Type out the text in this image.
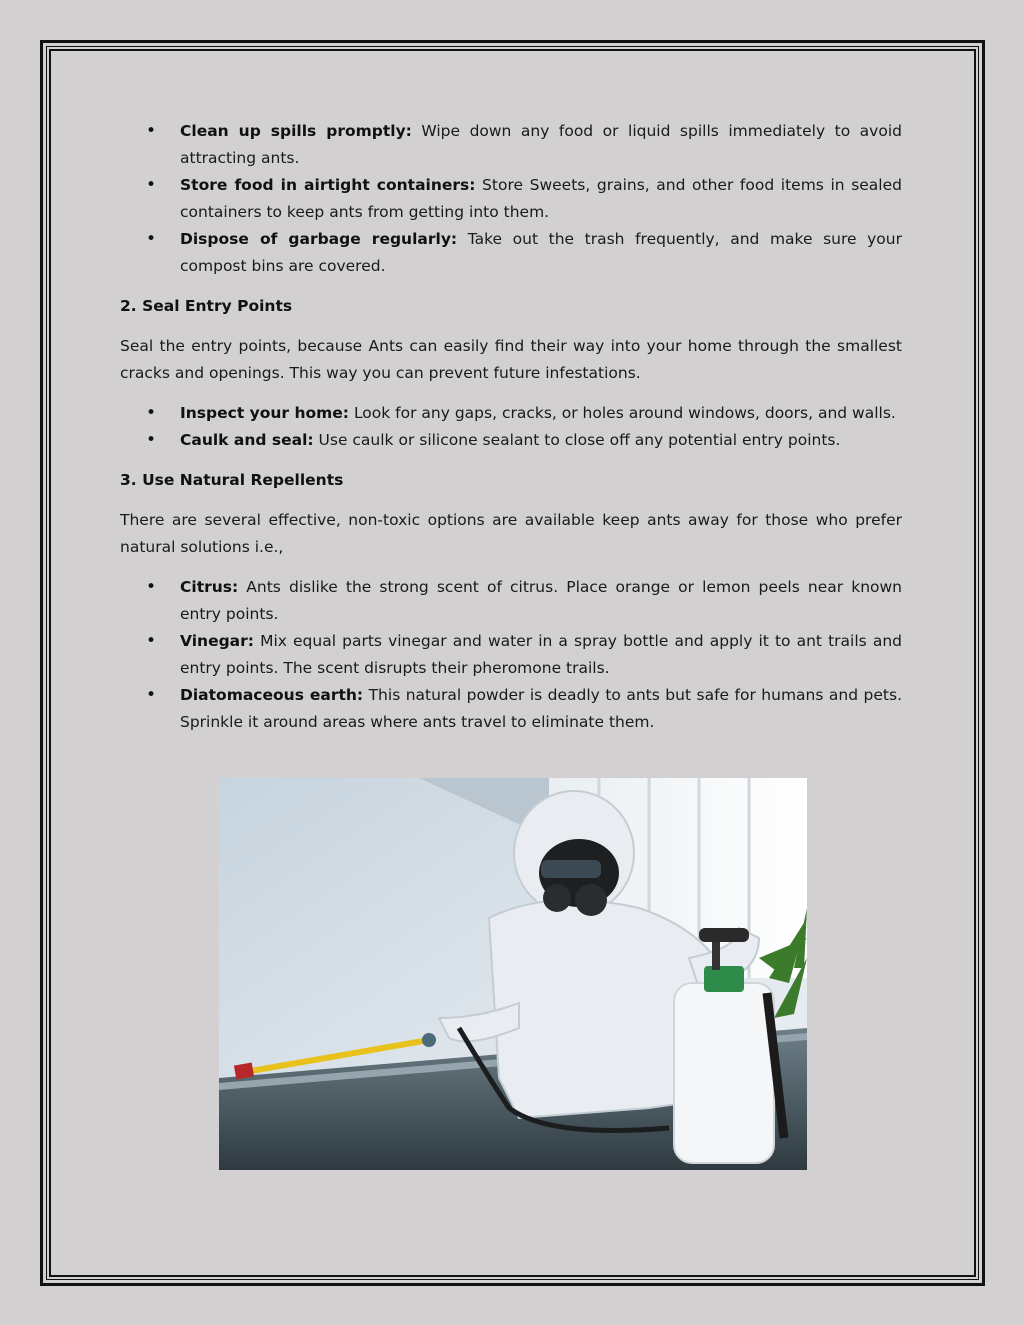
• Clean up spills promptly: Wipe down any food or liquid spills immediately to avoid attracting ants.
• Store food in airtight containers: Store Sweets, grains, and other food items in sealed containers to keep ants from getting into them.
• Dispose of garbage regularly: Take out the trash frequently, and make sure your compost bins are covered.
2. Seal Entry Points

Seal the entry points, because Ants can easily find their way into your home through the smallest cracks and openings. This way you can prevent future infestations.

• Inspect your home: Look for any gaps, cracks, or holes around windows, doors, and walls.
• Caulk and seal: Use caulk or silicone sealant to close off any potential entry points.
3. Use Natural Repellents

There are several effective, non-toxic options are available keep ants away for those who prefer natural solutions i.e.,

• Citrus: Ants dislike the strong scent of citrus. Place orange or lemon peels near known entry points.
• Vinegar: Mix equal parts vinegar and water in a spray bottle and apply it to ant trails and entry points. The scent disrupts their pheromone trails.
• Diatomaceous earth: This natural powder is deadly to ants but safe for humans and pets. Sprinkle it around areas where ants travel to eliminate them.
